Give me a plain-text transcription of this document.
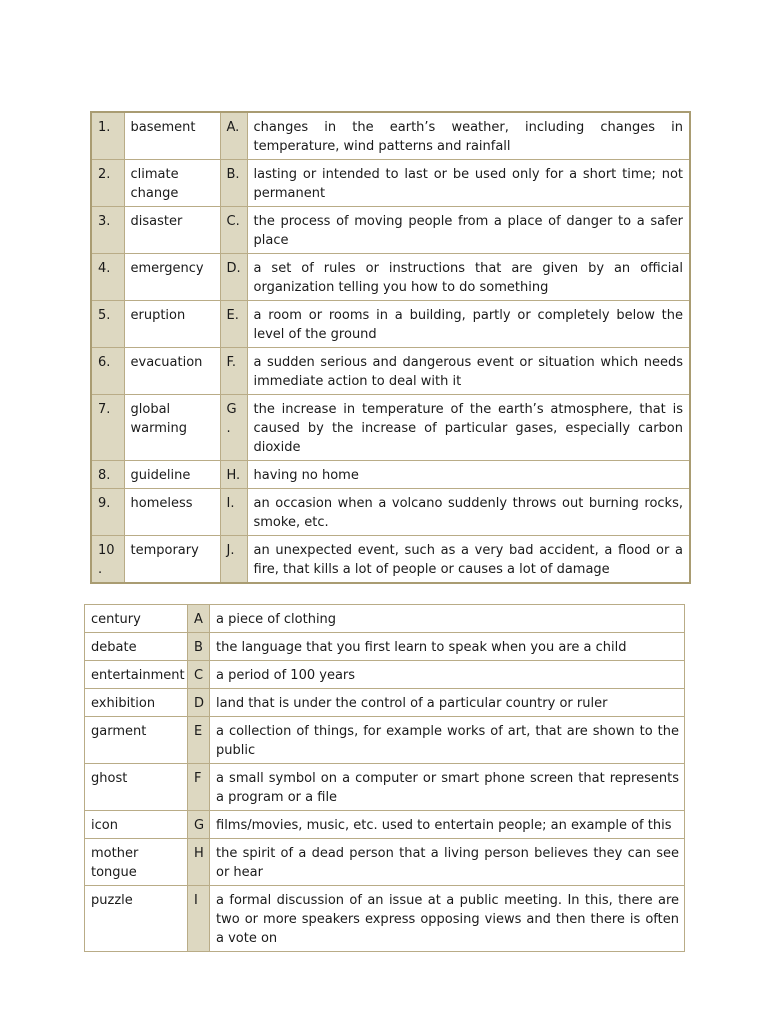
1.	basement	A.	changes in the earth’s weather, including changes in temperature, wind patterns and rainfall
2.	climate change	B.	lasting or intended to last or be used only for a short time; not permanent
3.	disaster	C.	the process of moving people from a place of danger to a safer place
4.	emergency	D.	a set of rules or instructions that are given by an official organization telling you how to do something
5.	eruption	E.	a room or rooms in a building, partly or completely below the level of the ground
6.	evacuation	F.	a sudden serious and dangerous event or situation which needs immediate action to deal with it
7.	global warming	G .	the increase in temperature of the earth’s atmosphere, that is caused by the increase of particular gases, especially carbon dioxide
8.	guideline	H.	having no home
9.	homeless	I.	an occasion when a volcano suddenly throws out burning rocks, smoke, etc.
10 .	temporary	J.	an unexpected event, such as a very bad accident, a flood or a fire, that kills a lot of people or causes a lot of damage
century	A	a piece of clothing
debate	B	the language that you first learn to speak when you are a child
entertainment	C	a period of 100 years
exhibition	D	land that is under the control of a particular country or ruler
garment	E	a collection of things, for example works of art, that are shown to the public
ghost	F	a small symbol on a computer or smart phone screen that represents a program or a file
icon	G	films/movies, music, etc. used to entertain people; an example of this
mother tongue	H	the spirit of a dead person that a living person believes they can see or hear
puzzle	I	a formal discussion of an issue at a public meeting. In this, there are two or more speakers express opposing views and then there is often a vote on
